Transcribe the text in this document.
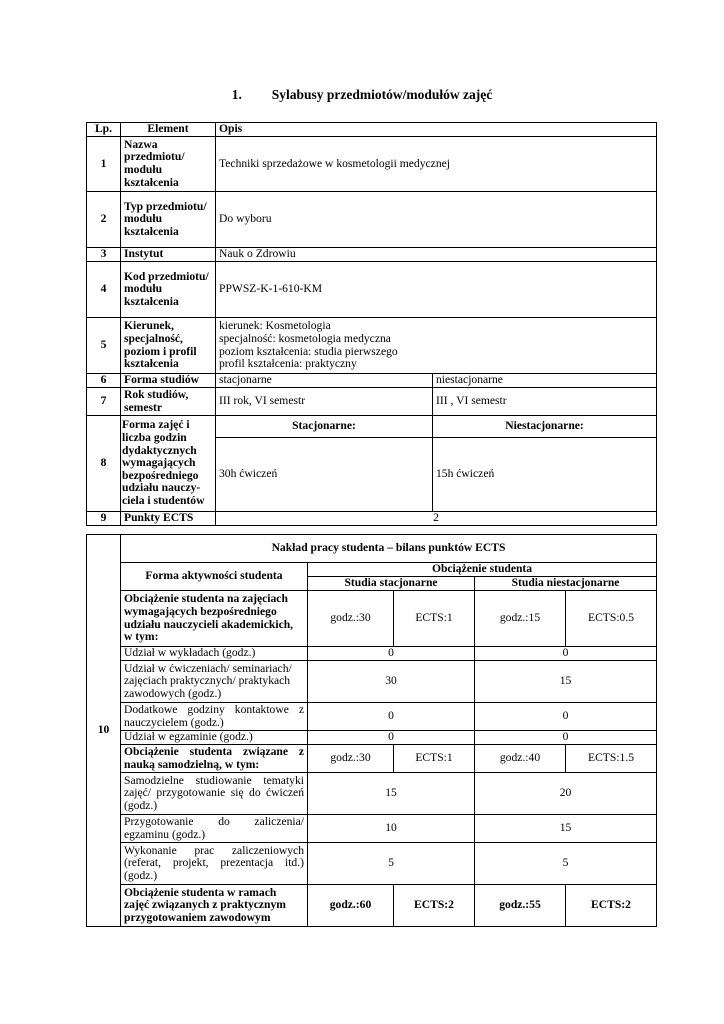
1. Sylabusy przedmiotów/modułów zajęć
Lp.	Element	Opis	
1	Nazwa przedmiotu/ modułu kształcenia	Techniki sprzedażowe w kosmetologii medycznej	
2	Typ przedmiotu/ modułu kształcenia	Do wyboru	
3	Instytut	Nauk o Zdrowiu	
4	Kod przedmiotu/ modułu kształcenia	PPWSZ-K-1-610-KM	
5	Kierunek, specjalność, poziom i profil kształcenia	kierunek: Kosmetologia
specjalność: kosmetologia medyczna
poziom kształcenia: studia pierwszego
profil kształcenia: praktyczny	

6	Forma studiów	stacjonarne	niestacjonarne
7	Rok studiów, semestr	III rok, VI semestr	III , VI semestr
8	Forma zajęć i liczba godzin dydaktycznych wymagających bezpośredniego udziału nauczy-ciela i studentów	Stacjonarne:	Niestacjonarne:
		30h ćwiczeń	15h ćwiczeń
9	Punkty ECTS	2	
10	Nakład pracy studenta – bilans punktów ECTS				
	Forma aktywności studenta	Obciążenie studenta			
		Studia stacjonarne		Studia niestacjonarne	
	Obciążenie studenta na zajęciach wymagających bezpośredniego udziału nauczycieli akademickich, w tym:	godz.:30	ECTS:1	godz.:15	ECTS:0.5
	Udział w wykładach (godz.)	0		0	
	Udział w ćwiczeniach/ seminariach/ zajęciach praktycznych/ praktykach zawodowych (godz.)	30		15	
	Dodatkowe godziny kontaktowe z nauczycielem (godz.)	0		0	
	Udział w egzaminie (godz.)	0		0	
	Obciążenie studenta związane z nauką samodzielną, w tym:	godz.:30	ECTS:1	godz.:40	ECTS:1.5
	Samodzielne studiowanie tematyki zajęć/ przygotowanie się do ćwiczeń (godz.)	15		20	
	Przygotowanie do zaliczenia/ egzaminu (godz.)	10		15	
	Wykonanie prac zaliczeniowych (referat, projekt, prezentacja itd.) (godz.)	5		5	
	Obciążenie studenta w ramach zajęć związanych z praktycznym przygotowaniem zawodowym	godz.:60	ECTS:2	godz.:55	ECTS:2
